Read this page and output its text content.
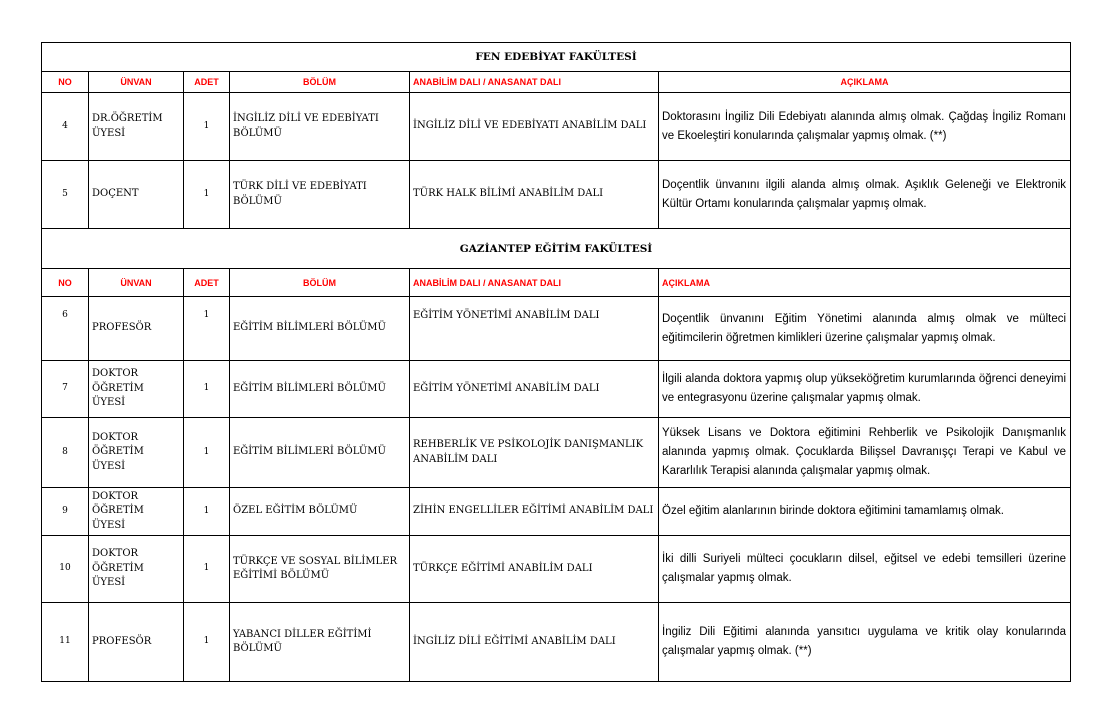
FEN EDEBİYAT FAKÜLTESİ					
NO	ÜNVAN	ADET	BÖLÜM	ANABİLİM DALI / ANASANAT DALI	AÇIKLAMA
4	DR.ÖĞRETİM ÜYESİ	1	İNGİLİZ DİLİ VE EDEBİYATI BÖLÜMÜ	İNGİLİZ DİLİ VE EDEBİYATI ANABİLİM DALI	Doktorasını İngiliz Dili Edebiyatı alanında almış olmak. Çağdaş İngiliz Romanı ve Ekoeleştiri konularında çalışmalar yapmış olmak. (**)
5	DOÇENT	1	TÜRK DİLİ VE EDEBİYATI BÖLÜMÜ	TÜRK HALK BİLİMİ ANABİLİM DALI	Doçentlik ünvanını ilgili alanda almış olmak. Aşıklık Geleneği ve Elektronik Kültür Ortamı konularında çalışmalar yapmış olmak.
GAZİANTEP EĞİTİM FAKÜLTESİ					
NO	ÜNVAN	ADET	BÖLÜM	ANABİLİM DALI / ANASANAT DALI	AÇIKLAMA
6	PROFESÖR	1	EĞİTİM BİLİMLERİ BÖLÜMÜ	EĞİTİM YÖNETİMİ ANABİLİM DALI	Doçentlik ünvanını Eğitim Yönetimi alanında almış olmak ve mülteci eğitimcilerin öğretmen kimlikleri üzerine çalışmalar yapmış olmak.
7	DOKTOR ÖĞRETİM ÜYESİ	1	EĞİTİM BİLİMLERİ BÖLÜMÜ	EĞİTİM YÖNETİMİ ANABİLİM DALI	İlgili alanda doktora yapmış olup yükseköğretim kurumlarında öğrenci deneyimi ve entegrasyonu üzerine çalışmalar yapmış olmak.
8	DOKTOR ÖĞRETİM ÜYESİ	1	EĞİTİM BİLİMLERİ BÖLÜMÜ	REHBERLİK VE PSİKOLOJİK DANIŞMANLIK ANABİLİM DALI	Yüksek Lisans ve Doktora eğitimini Rehberlik ve Psikolojik Danışmanlık alanında yapmış olmak. Çocuklarda Bilişsel Davranışçı Terapi ve Kabul ve Kararlılık Terapisi alanında çalışmalar yapmış olmak.
9	DOKTOR ÖĞRETİM ÜYESİ	1	ÖZEL EĞİTİM BÖLÜMÜ	ZİHİN ENGELLİLER EĞİTİMİ ANABİLİM DALI	Özel eğitim alanlarının birinde doktora eğitimini tamamlamış olmak.
10	DOKTOR ÖĞRETİM ÜYESİ	1	TÜRKÇE VE SOSYAL BİLİMLER EĞİTİMİ BÖLÜMÜ	TÜRKÇE EĞİTİMİ ANABİLİM DALI	İki dilli Suriyeli mülteci çocukların dilsel, eğitsel ve edebi temsilleri üzerine çalışmalar yapmış olmak.
11	PROFESÖR	1	YABANCI DİLLER EĞİTİMİ BÖLÜMÜ	İNGİLİZ DİLİ EĞİTİMİ ANABİLİM DALI	İngiliz Dili Eğitimi alanında yansıtıcı uygulama ve kritik olay konularında çalışmalar yapmış olmak. (**)
